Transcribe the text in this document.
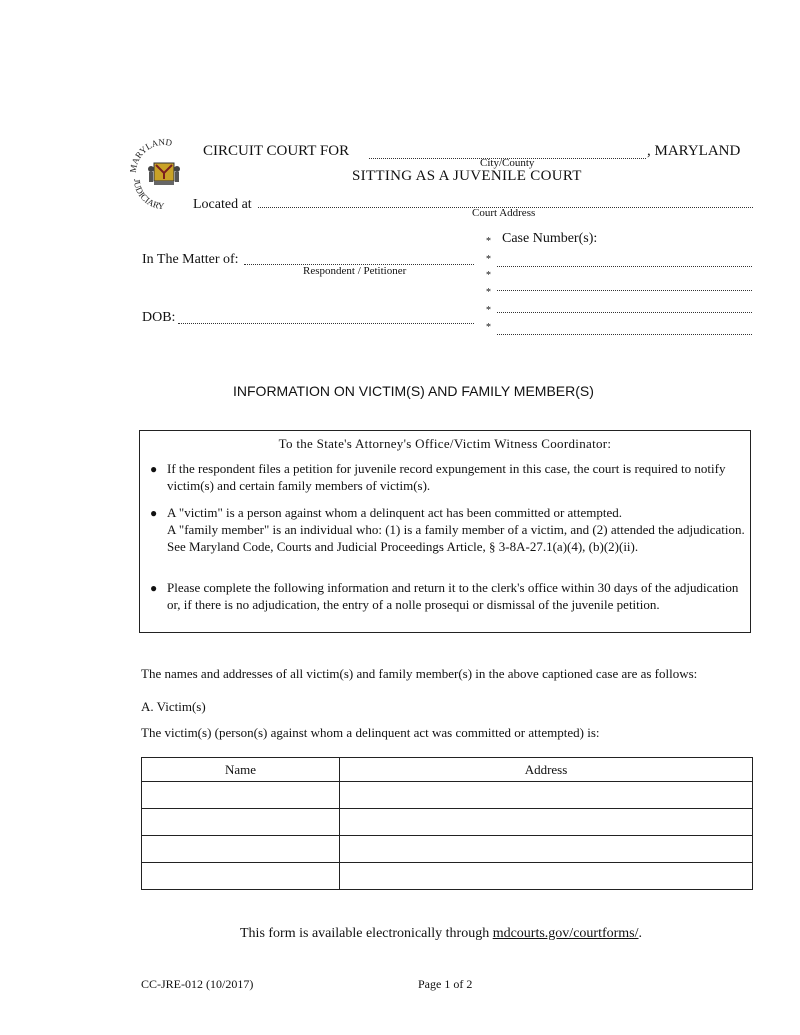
MARYLAND
JUDICIARY
CIRCUIT COURT FOR	, MARYLAND
City/County
SITTING AS A JUVENILE COURT
Located at
Court Address
* Case Number(s):
*
*
*
*
*
In The Matter of:
Respondent / Petitioner
DOB:
INFORMATION ON VICTIM(S) AND FAMILY MEMBER(S)
To the State's Attorney's Office/Victim Witness Coordinator:
● If the respondent files a petition for juvenile record expungement in this case, the court is required to notify victim(s) and certain family members of victim(s).
● A "victim" is a person against whom a delinquent act has been committed or attempted.
A "family member" is an individual who: (1) is a family member of a victim, and (2) attended the adjudication. See Maryland Code, Courts and Judicial Proceedings Article, § 3-8A-27.1(a)(4), (b)(2)(ii).
● Please complete the following information and return it to the clerk's office within 30 days of the adjudication or, if there is no adjudication, the entry of a nolle prosequi or dismissal of the juvenile petition.
The names and addresses of all victim(s) and family member(s) in the above captioned case are as follows:
A. Victim(s)
The victim(s) (person(s) against whom a delinquent act was committed or attempted) is:
Name	Address

This form is available electronically through mdcourts.gov/courtforms/.
CC-JRE-012 (10/2017)	Page 1 of 2
